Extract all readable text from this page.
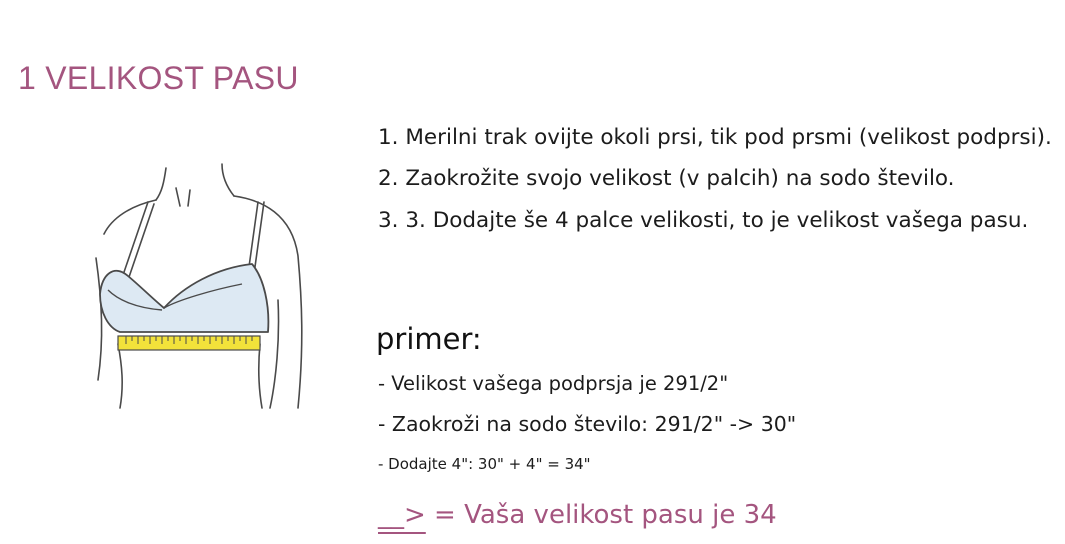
1 VELIKOST PASU

1. Merilni trak ovijte okoli prsi, tik pod prsmi (velikost podprsi).

2. Zaokrožite svojo velikost (v palcih) na sodo število.

3. 3. Dodajte še 4 palce velikosti, to je velikost vašega pasu.

primer:

- Velikost vašega podprsja je 291/2"

- Zaokroži na sodo število: 291/2" -> 30"

- Dodajte 4": 30" + 4" = 34"

__> = Vaša velikost pasu je 34
